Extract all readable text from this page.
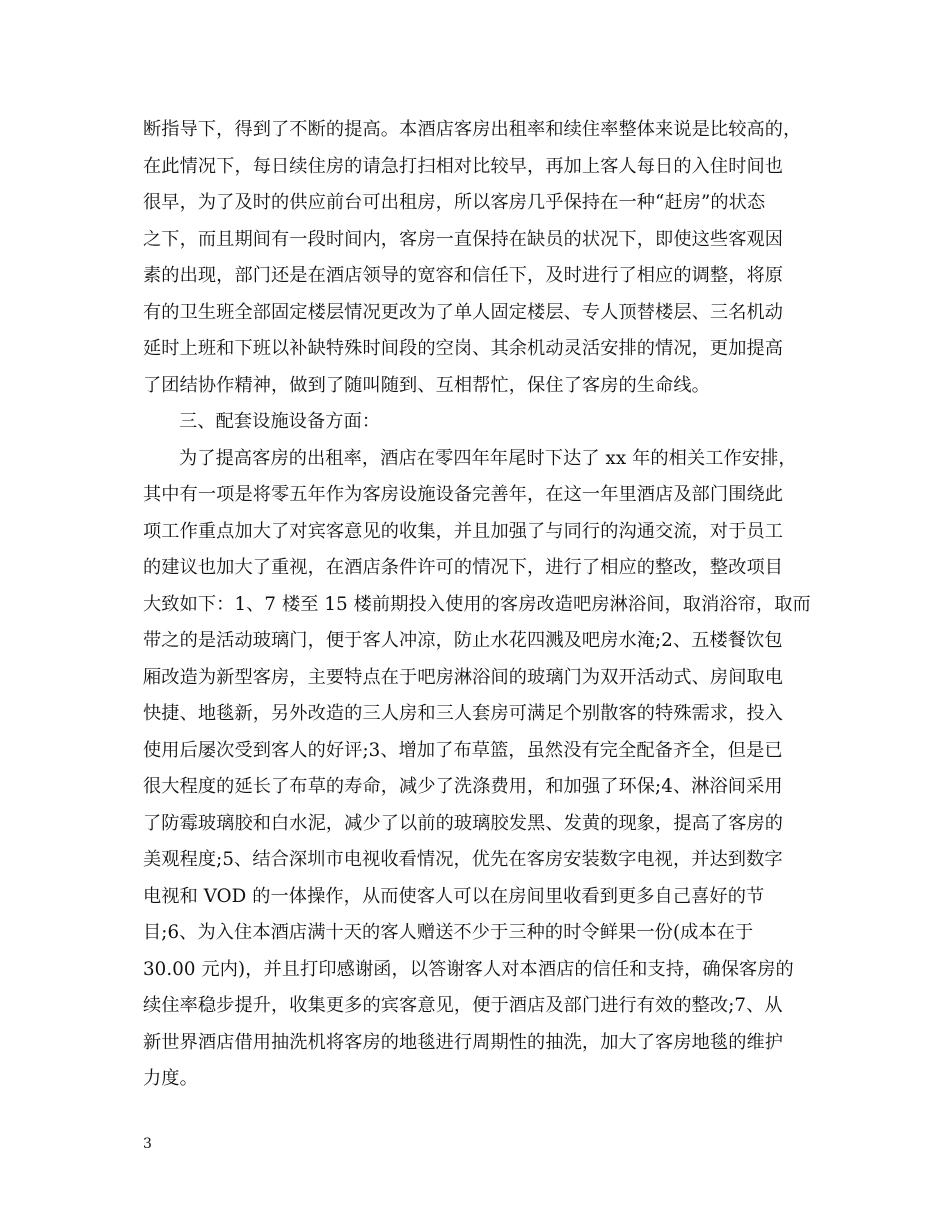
断指导下，得到了不断的提高。本酒店客房出租率和续住率整体来说是比较高的，
在此情况下，每日续住房的请急打扫相对比较早，再加上客人每日的入住时间也
很早，为了及时的供应前台可出租房，所以客房几乎保持在一种“赶房”的状态
之下，而且期间有一段时间内，客房一直保持在缺员的状况下，即使这些客观因
素的出现，部门还是在酒店领导的宽容和信任下，及时进行了相应的调整，将原
有的卫生班全部固定楼层情况更改为了单人固定楼层、专人顶替楼层、三名机动
延时上班和下班以补缺特殊时间段的空岗、其余机动灵活安排的情况，更加提高
了团结协作精神，做到了随叫随到、互相帮忙，保住了客房的生命线。
三、配套设施设备方面：
为了提高客房的出租率，酒店在零四年年尾时下达了 xx 年的相关工作安排，
其中有一项是将零五年作为客房设施设备完善年，在这一年里酒店及部门围绕此
项工作重点加大了对宾客意见的收集，并且加强了与同行的沟通交流，对于员工
的建议也加大了重视，在酒店条件许可的情况下，进行了相应的整改，整改项目
大致如下：1、7 楼至 15 楼前期投入使用的客房改造吧房淋浴间，取消浴帘，取而
带之的是活动玻璃门，便于客人冲凉，防止水花四溅及吧房水淹;2、五楼餐饮包
厢改造为新型客房，主要特点在于吧房淋浴间的玻璃门为双开活动式、房间取电
快捷、地毯新，另外改造的三人房和三人套房可满足个别散客的特殊需求，投入
使用后屡次受到客人的好评;3、增加了布草篮，虽然没有完全配备齐全，但是已
很大程度的延长了布草的寿命，减少了洗涤费用，和加强了环保;4、淋浴间采用
了防霉玻璃胶和白水泥，减少了以前的玻璃胶发黑、发黄的现象，提高了客房的
美观程度;5、结合深圳市电视收看情况，优先在客房安装数字电视，并达到数字
电视和 VOD 的一体操作，从而使客人可以在房间里收看到更多自己喜好的节
目;6、为入住本酒店满十天的客人赠送不少于三种的时令鲜果一份(成本在于
30.00 元内)，并且打印感谢函，以答谢客人对本酒店的信任和支持，确保客房的
续住率稳步提升，收集更多的宾客意见，便于酒店及部门进行有效的整改;7、从
新世界酒店借用抽洗机将客房的地毯进行周期性的抽洗，加大了客房地毯的维护
力度。
3
